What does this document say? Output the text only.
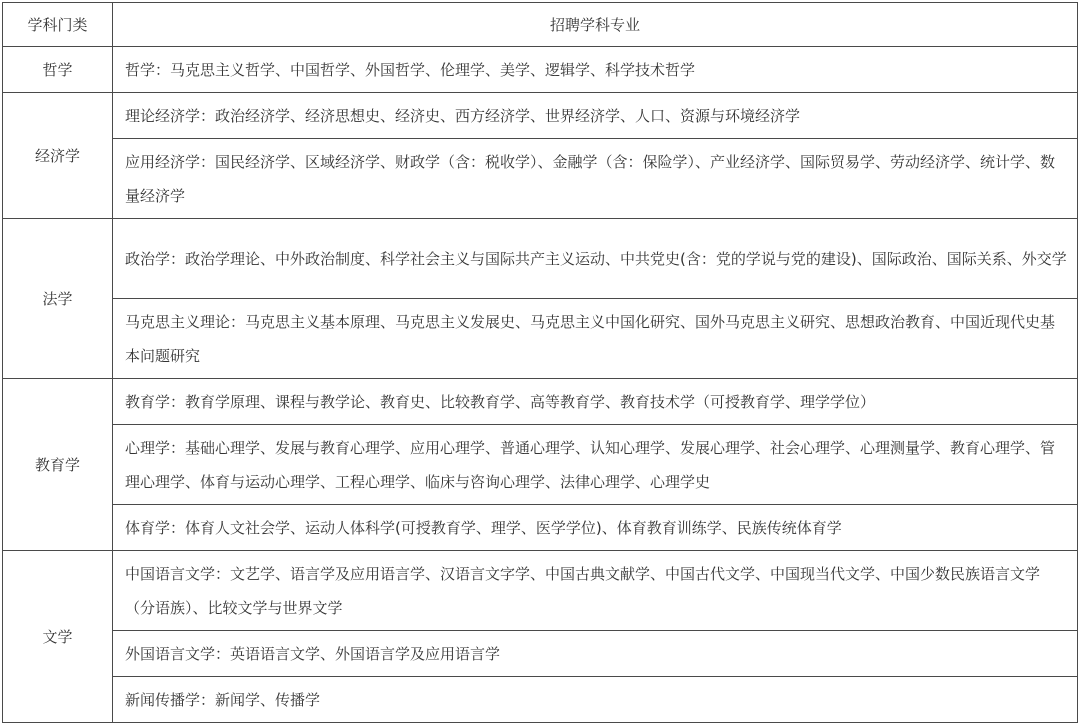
学科门类	招聘学科专业
哲学	哲学：马克思主义哲学、中国哲学、外国哲学、伦理学、美学、逻辑学、科学技术哲学
经济学	理论经济学：政治经济学、经济思想史、经济史、西方经济学、世界经济学、人口、资源与环境经济学
	应用经济学：国民经济学、区域经济学、财政学（含：税收学）、金融学（含：保险学）、产业经济学、国际贸易学、劳动经济学、统计学、数量经济学
法学	政治学：政治学理论、中外政治制度、科学社会主义与国际共产主义运动、中共党史(含：党的学说与党的建设)、国际政治、国际关系、外交学
	马克思主义理论：马克思主义基本原理、马克思主义发展史、马克思主义中国化研究、国外马克思主义研究、思想政治教育、中国近现代史基本问题研究
教育学	教育学：教育学原理、课程与教学论、教育史、比较教育学、高等教育学、教育技术学（可授教育学、理学学位）
	心理学：基础心理学、发展与教育心理学、应用心理学、普通心理学、认知心理学、发展心理学、社会心理学、心理测量学、教育心理学、管理心理学、体育与运动心理学、工程心理学、临床与咨询心理学、法律心理学、心理学史
	体育学：体育人文社会学、运动人体科学(可授教育学、理学、医学学位)、体育教育训练学、民族传统体育学
文学	中国语言文学：文艺学、语言学及应用语言学、汉语言文字学、中国古典文献学、中国古代文学、中国现当代文学、中国少数民族语言文学（分语族）、比较文学与世界文学
	外国语言文学：英语语言文学、外国语言学及应用语言学
	新闻传播学：新闻学、传播学
